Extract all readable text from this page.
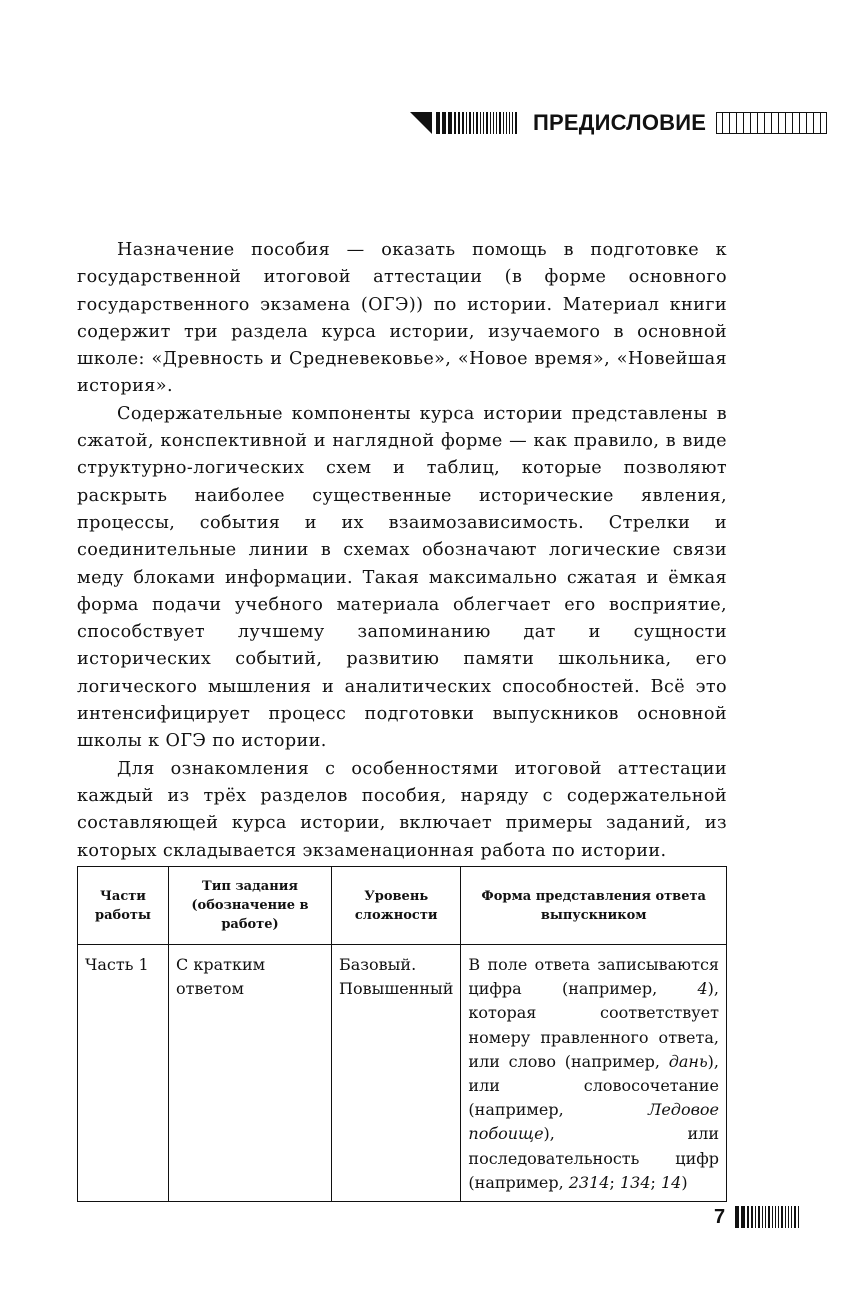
ПРЕДИСЛОВИЕ

Назначение пособия — оказать помощь в подготовке к государственной итоговой аттестации (в форме основного государственного экзамена (ОГЭ)) по истории. Материал книги содержит три раздела курса истории, изучаемого в основной школе: «Древность и Средневековье», «Новое время», «Новейшая история».

Содержательные компоненты курса истории представлены в сжатой, конспективной и наглядной форме — как правило, в виде структурно-логических схем и таблиц, которые позволяют раскрыть наиболее существенные исторические явления, процессы, события и их взаимозависимость. Стрелки и соединительные линии в схемах обозначают логические связи меду блоками информации. Такая максимально сжатая и ёмкая форма подачи учебного материала облегчает его восприятие, способствует лучшему запоминанию дат и сущности исторических событий, развитию памяти школьника, его логического мышления и аналитических способностей. Всё это интенсифицирует процесс подготовки выпускников основной школы к ОГЭ по истории.

Для ознакомления с особенностями итоговой аттестации каждый из трёх разделов пособия, наряду с содержательной составляющей курса истории, включает примеры заданий, из которых складывается экзаменационная работа по истории.

Части работы	Тип задания (обозначение в работе)	Уровень сложности	Форма представления ответа выпускником
Часть 1	С кратким ответом	Базовый. Повышенный	В поле ответа записываются цифра (например, 4), которая соответствует номеру правленного ответа, или слово (например, дань), или словосочетание (например, Ледовое побоище), или последовательность цифр (например, 2314; 134; 14)
7
